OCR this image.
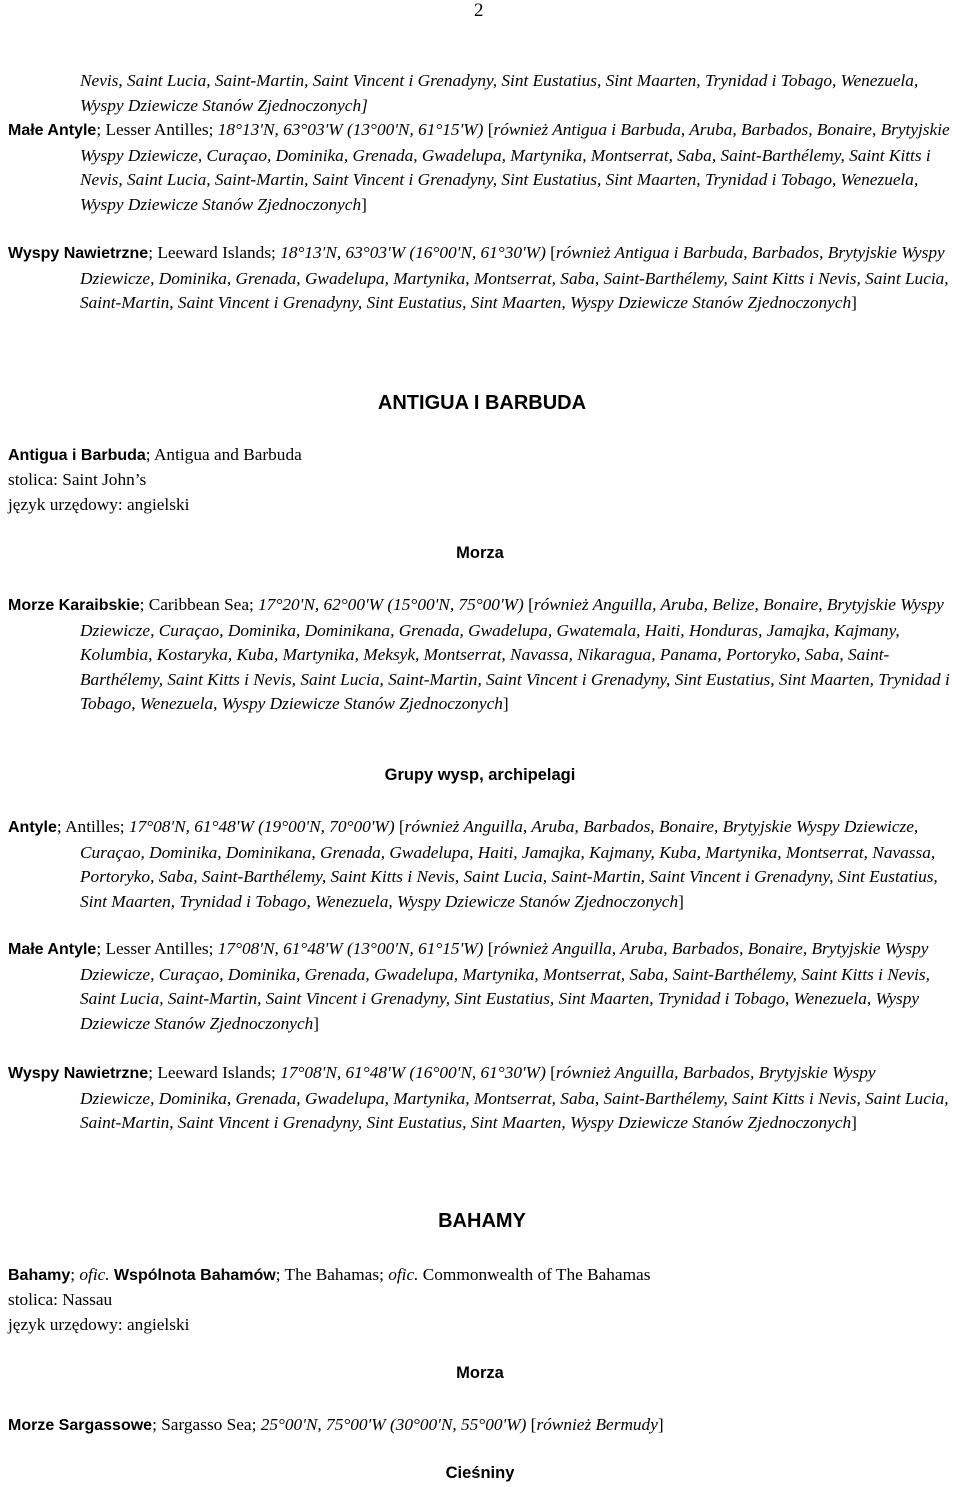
2
Nevis, Saint Lucia, Saint-Martin, Saint Vincent i Grenadyny, Sint Eustatius, Sint Maarten, Trynidad i Tobago, Wenezuela, Wyspy Dziewicze Stanów Zjednoczonych]
Małe Antyle; Lesser Antilles; 18°13'N, 63°03'W (13°00'N, 61°15'W) [również Antigua i Barbuda, Aruba, Barbados, Bonaire, Brytyjskie Wyspy Dziewicze, Curaçao, Dominika, Grenada, Gwadelupa, Martynika, Montserrat, Saba, Saint-Barthélemy, Saint Kitts i Nevis, Saint Lucia, Saint-Martin, Saint Vincent i Grenadyny, Sint Eustatius, Sint Maarten, Trynidad i Tobago, Wenezuela, Wyspy Dziewicze Stanów Zjednoczonych]
Wyspy Nawietrzne; Leeward Islands; 18°13'N, 63°03'W (16°00'N, 61°30'W) [również Antigua i Barbuda, Barbados, Brytyjskie Wyspy Dziewicze, Dominika, Grenada, Gwadelupa, Martynika, Montserrat, Saba, Saint-Barthélemy, Saint Kitts i Nevis, Saint Lucia, Saint-Martin, Saint Vincent i Grenadyny, Sint Eustatius, Sint Maarten, Wyspy Dziewicze Stanów Zjednoczonych]
ANTIGUA I BARBUDA
Antigua i Barbuda; Antigua and Barbuda
stolica: Saint John’s
język urzędowy: angielski
Morza
Morze Karaibskie; Caribbean Sea; 17°20'N, 62°00'W (15°00'N, 75°00'W) [również Anguilla, Aruba, Belize, Bonaire, Brytyjskie Wyspy Dziewicze, Curaçao, Dominika, Dominikana, Grenada, Gwadelupa, Gwatemala, Haiti, Honduras, Jamajka, Kajmany, Kolumbia, Kostaryka, Kuba, Martynika, Meksyk, Montserrat, Navassa, Nikaragua, Panama, Portoryko, Saba, Saint-Barthélemy, Saint Kitts i Nevis, Saint Lucia, Saint-Martin, Saint Vincent i Grenadyny, Sint Eustatius, Sint Maarten, Trynidad i Tobago, Wenezuela, Wyspy Dziewicze Stanów Zjednoczonych]
Grupy wysp, archipelagi
Antyle; Antilles; 17°08'N, 61°48'W (19°00'N, 70°00'W) [również Anguilla, Aruba, Barbados, Bonaire, Brytyjskie Wyspy Dziewicze, Curaçao, Dominika, Dominikana, Grenada, Gwadelupa, Haiti, Jamajka, Kajmany, Kuba, Martynika, Montserrat, Navassa, Portoryko, Saba, Saint-Barthélemy, Saint Kitts i Nevis, Saint Lucia, Saint-Martin, Saint Vincent i Grenadyny, Sint Eustatius, Sint Maarten, Trynidad i Tobago, Wenezuela, Wyspy Dziewicze Stanów Zjednoczonych]
Małe Antyle; Lesser Antilles; 17°08'N, 61°48'W (13°00'N, 61°15'W) [również Anguilla, Aruba, Barbados, Bonaire, Brytyjskie Wyspy Dziewicze, Curaçao, Dominika, Grenada, Gwadelupa, Martynika, Montserrat, Saba, Saint-Barthélemy, Saint Kitts i Nevis, Saint Lucia, Saint-Martin, Saint Vincent i Grenadyny, Sint Eustatius, Sint Maarten, Trynidad i Tobago, Wenezuela, Wyspy Dziewicze Stanów Zjednoczonych]
Wyspy Nawietrzne; Leeward Islands; 17°08'N, 61°48'W (16°00'N, 61°30'W) [również Anguilla, Barbados, Brytyjskie Wyspy Dziewicze, Dominika, Grenada, Gwadelupa, Martynika, Montserrat, Saba, Saint-Barthélemy, Saint Kitts i Nevis, Saint Lucia, Saint-Martin, Saint Vincent i Grenadyny, Sint Eustatius, Sint Maarten, Wyspy Dziewicze Stanów Zjednoczonych]
BAHAMY
Bahamy; ofic. Wspólnota Bahamów; The Bahamas; ofic. Commonwealth of The Bahamas
stolica: Nassau
język urzędowy: angielski
Morza
Morze Sargassowe; Sargasso Sea; 25°00'N, 75°00'W (30°00'N, 55°00'W) [również Bermudy]
Cieśniny
